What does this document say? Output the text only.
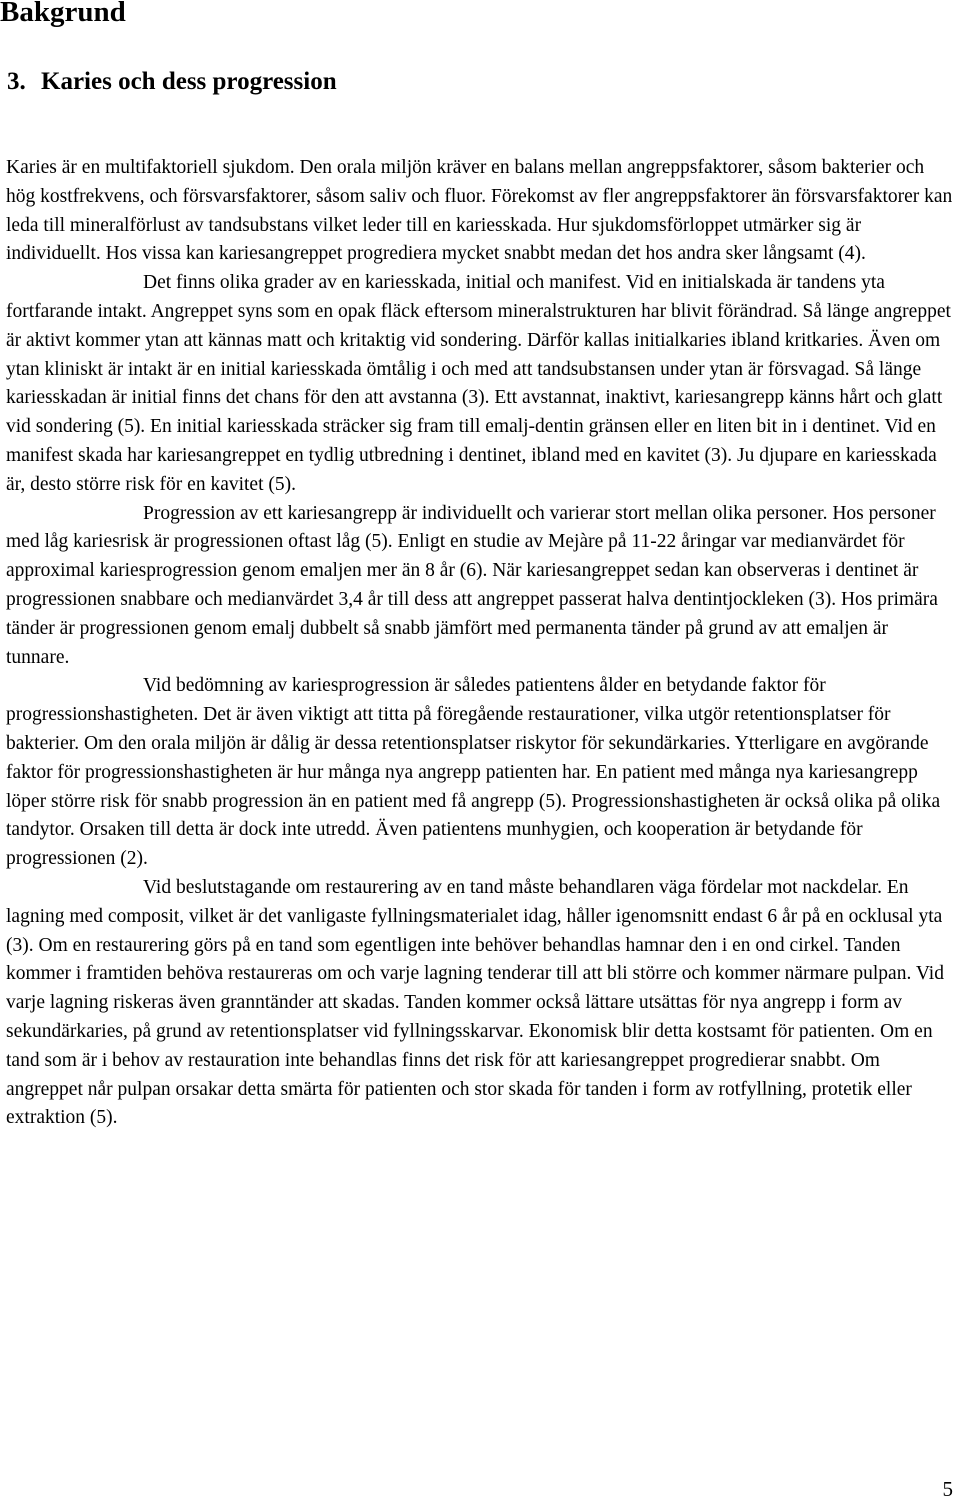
Bakgrund
3. Karies och dess progression

Karies är en multifaktoriell sjukdom. Den orala miljön kräver en balans mellan angreppsfaktorer, såsom bakterier och hög kostfrekvens, och försvarsfaktorer, såsom saliv och fluor. Förekomst av fler angreppsfaktorer än försvarsfaktorer kan leda till mineralförlust av tandsubstans vilket leder till en kariesskada. Hur sjukdomsförloppet utmärker sig är individuellt. Hos vissa kan kariesangreppet progrediera mycket snabbt medan det hos andra sker långsamt (4).

Det finns olika grader av en kariesskada, initial och manifest. Vid en initialskada är tandens yta fortfarande intakt. Angreppet syns som en opak fläck eftersom mineralstrukturen har blivit förändrad. Så länge angreppet är aktivt kommer ytan att kännas matt och kritaktig vid sondering. Därför kallas initialkaries ibland kritkaries. Även om ytan kliniskt är intakt är en initial kariesskada ömtålig i och med att tandsubstansen under ytan är försvagad. Så länge kariesskadan är initial finns det chans för den att avstanna (3). Ett avstannat, inaktivt, kariesangrepp känns hårt och glatt vid sondering (5). En initial kariesskada sträcker sig fram till emalj-dentin gränsen eller en liten bit in i dentinet. Vid en manifest skada har kariesangreppet en tydlig utbredning i dentinet, ibland med en kavitet (3). Ju djupare en kariesskada är, desto större risk för en kavitet (5).

Progression av ett kariesangrepp är individuellt och varierar stort mellan olika personer. Hos personer med låg kariesrisk är progressionen oftast låg (5). Enligt en studie av Mejàre på 11-22 åringar var medianvärdet för approximal kariesprogression genom emaljen mer än 8 år (6). När kariesangreppet sedan kan observeras i dentinet är progressionen snabbare och medianvärdet 3,4 år till dess att angreppet passerat halva dentintjockleken (3). Hos primära tänder är progressionen genom emalj dubbelt så snabb jämfört med permanenta tänder på grund av att emaljen är tunnare.

Vid bedömning av kariesprogression är således patientens ålder en betydande faktor för progressionshastigheten. Det är även viktigt att titta på föregående restaurationer, vilka utgör retentionsplatser för bakterier. Om den orala miljön är dålig är dessa retentionsplatser riskytor för sekundärkaries. Ytterligare en avgörande faktor för progressionshastigheten är hur många nya angrepp patienten har. En patient med många nya kariesangrepp löper större risk för snabb progression än en patient med få angrepp (5). Progressionshastigheten är också olika på olika tandytor. Orsaken till detta är dock inte utredd. Även patientens munhygien, och kooperation är betydande för progressionen (2).

Vid beslutstagande om restaurering av en tand måste behandlaren väga fördelar mot nackdelar. En lagning med composit, vilket är det vanligaste fyllningsmaterialet idag, håller igenomsnitt endast 6 år på en ocklusal yta (3). Om en restaurering görs på en tand som egentligen inte behöver behandlas hamnar den i en ond cirkel. Tanden kommer i framtiden behöva restaureras om och varje lagning tenderar till att bli större och kommer närmare pulpan. Vid varje lagning riskeras även granntänder att skadas. Tanden kommer också lättare utsättas för nya angrepp i form av sekundärkaries, på grund av retentionsplatser vid fyllningsskarvar. Ekonomisk blir detta kostsamt för patienten. Om en tand som är i behov av restauration inte behandlas finns det risk för att kariesangreppet progredierar snabbt. Om angreppet når pulpan orsakar detta smärta för patienten och stor skada för tanden i form av rotfyllning, protetik eller extraktion (5).

5
